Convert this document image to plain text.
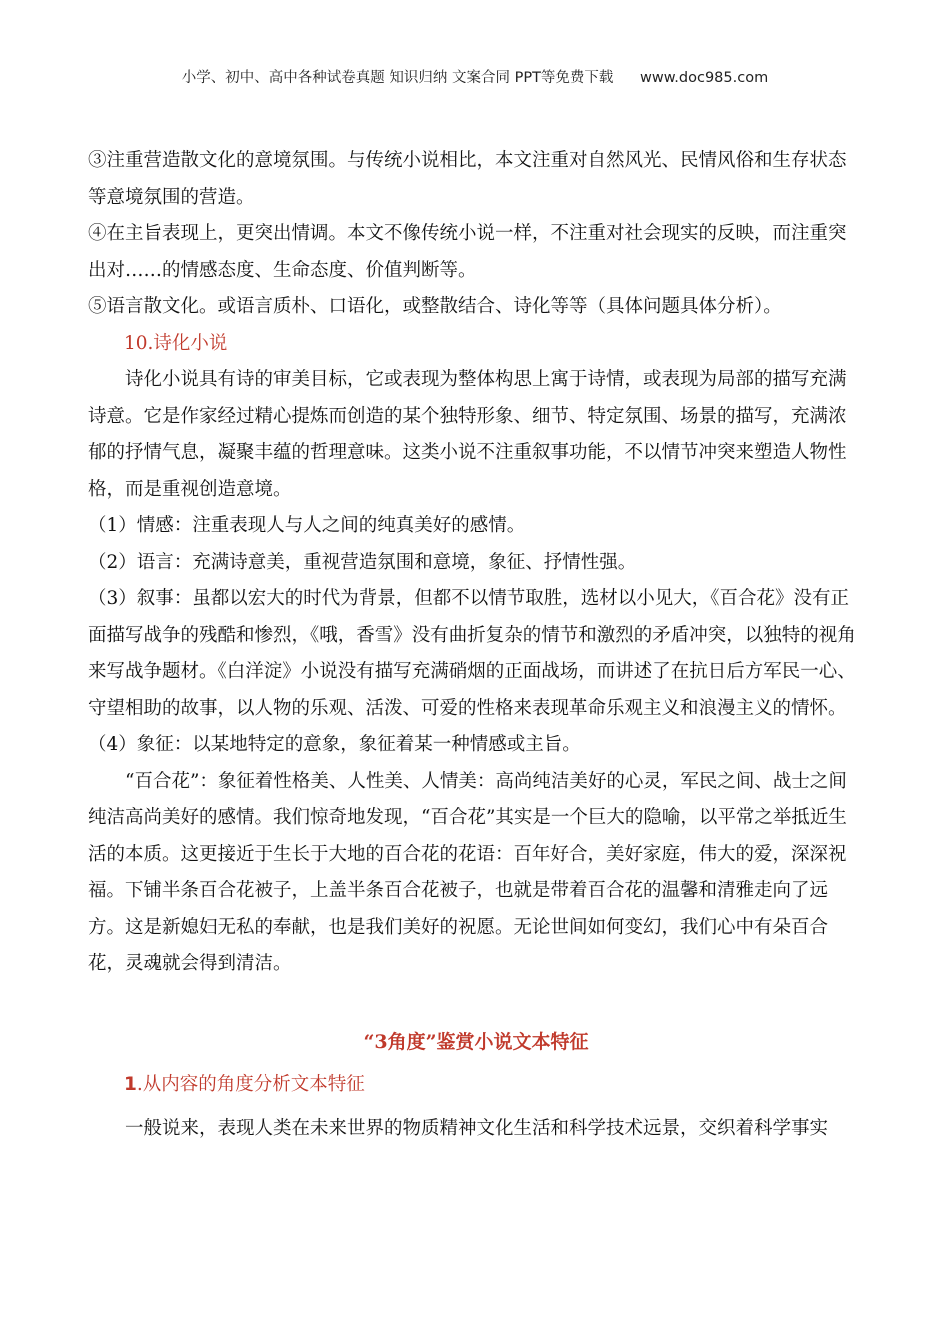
小学、初中、高中各种试卷真题 知识归纳 文案合同 PPT等免费下载 www.doc985.com

③注重营造散文化的意境氛围。与传统小说相比，本文注重对自然风光、民情风俗和生存状态等意境氛围的营造。

④在主旨表现上，更突出情调。本文不像传统小说一样，不注重对社会现实的反映，而注重突出对……的情感态度、生命态度、价值判断等。

⑤语言散文化。或语言质朴、口语化，或整散结合、诗化等等（具体问题具体分析）。

10.诗化小说

诗化小说具有诗的审美目标，它或表现为整体构思上寓于诗情，或表现为局部的描写充满诗意。它是作家经过精心提炼而创造的某个独特形象、细节、特定氛围、场景的描写，充满浓郁的抒情气息，凝聚丰蕴的哲理意味。这类小说不注重叙事功能，不以情节冲突来塑造人物性格，而是重视创造意境。

（1）情感：注重表现人与人之间的纯真美好的感情。

（2）语言：充满诗意美，重视营造氛围和意境，象征、抒情性强。

（3）叙事：虽都以宏大的时代为背景，但都不以情节取胜，选材以小见大，《百合花》没有正面描写战争的残酷和惨烈，《哦，香雪》没有曲折复杂的情节和激烈的矛盾冲突，以独特的视角来写战争题材。《白洋淀》小说没有描写充满硝烟的正面战场，而讲述了在抗日后方军民一心、守望相助的故事，以人物的乐观、活泼、可爱的性格来表现革命乐观主义和浪漫主义的情怀。

（4）象征：以某地特定的意象，象征着某一种情感或主旨。

“百合花”：象征着性格美、人性美、人情美：高尚纯洁美好的心灵，军民之间、战士之间纯洁高尚美好的感情。我们惊奇地发现，“百合花”其实是一个巨大的隐喻，以平常之举抵近生活的本质。这更接近于生长于大地的百合花的花语：百年好合，美好家庭，伟大的爱，深深祝福。下铺半条百合花被子，上盖半条百合花被子，也就是带着百合花的温馨和清雅走向了远方。这是新媳妇无私的奉献，也是我们美好的祝愿。无论世间如何变幻，我们心中有朵百合花，灵魂就会得到清洁。

“3角度”鉴赏小说文本特征

1.从内容的角度分析文本特征

一般说来，表现人类在未来世界的物质精神文化生活和科学技术远景，交织着科学事实
